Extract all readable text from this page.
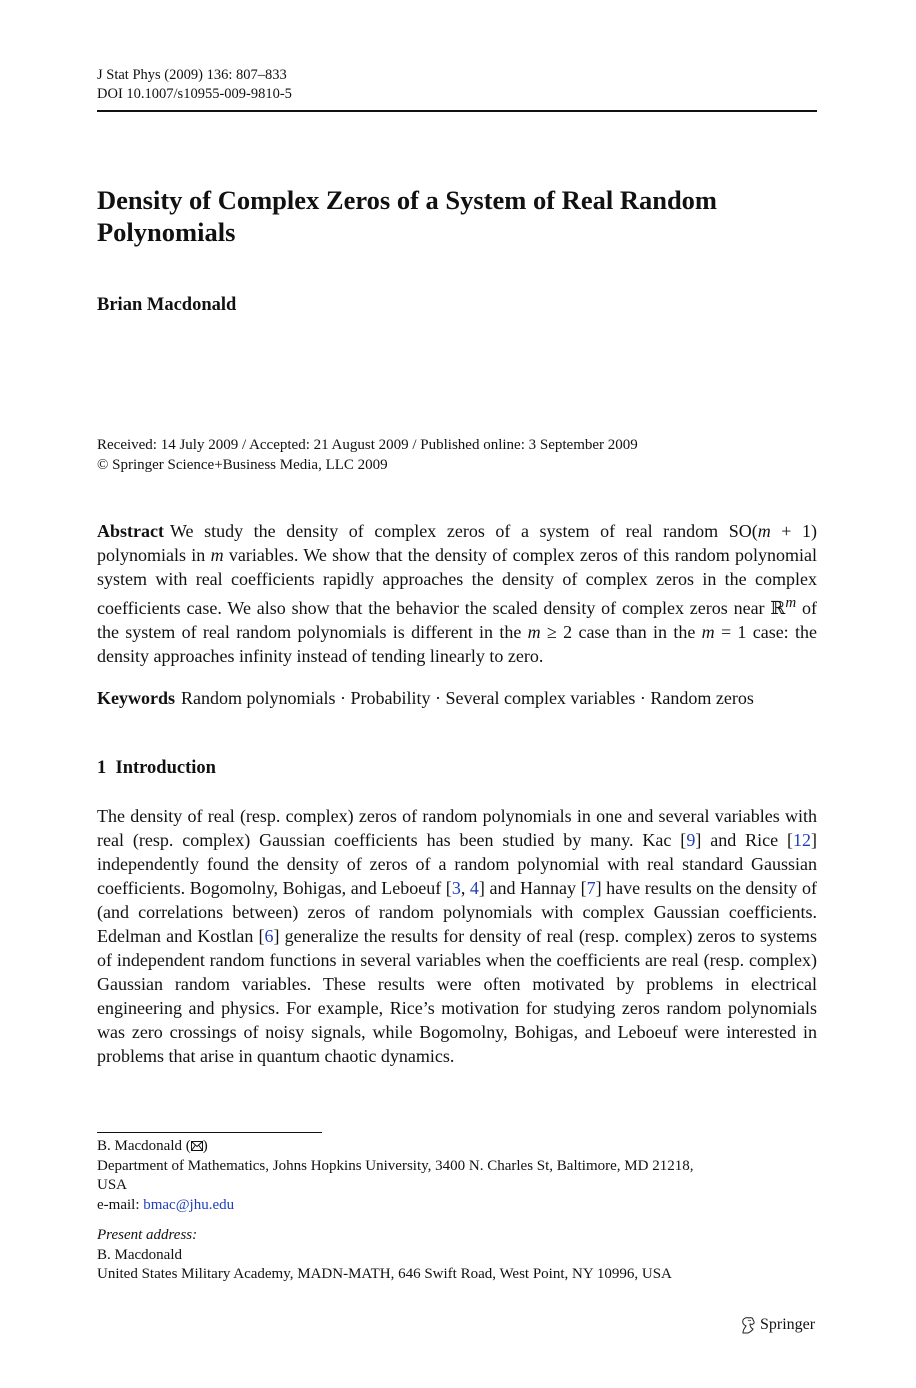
J Stat Phys (2009) 136: 807–833
DOI 10.1007/s10955-009-9810-5
Density of Complex Zeros of a System of Real Random Polynomials
Brian Macdonald
Received: 14 July 2009 / Accepted: 21 August 2009 / Published online: 3 September 2009
© Springer Science+Business Media, LLC 2009
Abstract We study the density of complex zeros of a system of real random SO(m + 1) polynomials in m variables. We show that the density of complex zeros of this random polynomial system with real coefficients rapidly approaches the density of complex zeros in the complex coefficients case. We also show that the behavior the scaled density of complex zeros near ℝ$^m$ of the system of real random polynomials is different in the m ≥ 2 case than in the m = 1 case: the density approaches infinity instead of tending linearly to zero.
Keywords Random polynomials · Probability · Several complex variables · Random zeros
1 Introduction
The density of real (resp. complex) zeros of random polynomials in one and several variables with real (resp. complex) Gaussian coefficients has been studied by many. Kac [9] and Rice [12] independently found the density of zeros of a random polynomial with real standard Gaussian coefficients. Bogomolny, Bohigas, and Leboeuf [3, 4] and Hannay [7] have results on the density of (and correlations between) zeros of random polynomials with complex Gaussian coefficients. Edelman and Kostlan [6] generalize the results for density of real (resp. complex) zeros to systems of independent random functions in several variables when the coefficients are real (resp. complex) Gaussian random variables. These results were often motivated by problems in electrical engineering and physics. For example, Rice’s motivation for studying zeros random polynomials was zero crossings of noisy signals, while Bogomolny, Bohigas, and Leboeuf were interested in problems that arise in quantum chaotic dynamics.
B. Macdonald ( )
Department of Mathematics, Johns Hopkins University, 3400 N. Charles St, Baltimore, MD 21218,
USA
e-mail: bmac@jhu.edu
Present address:
B. Macdonald
United States Military Academy, MADN-MATH, 646 Swift Road, West Point, NY 10996, USA
Springer
